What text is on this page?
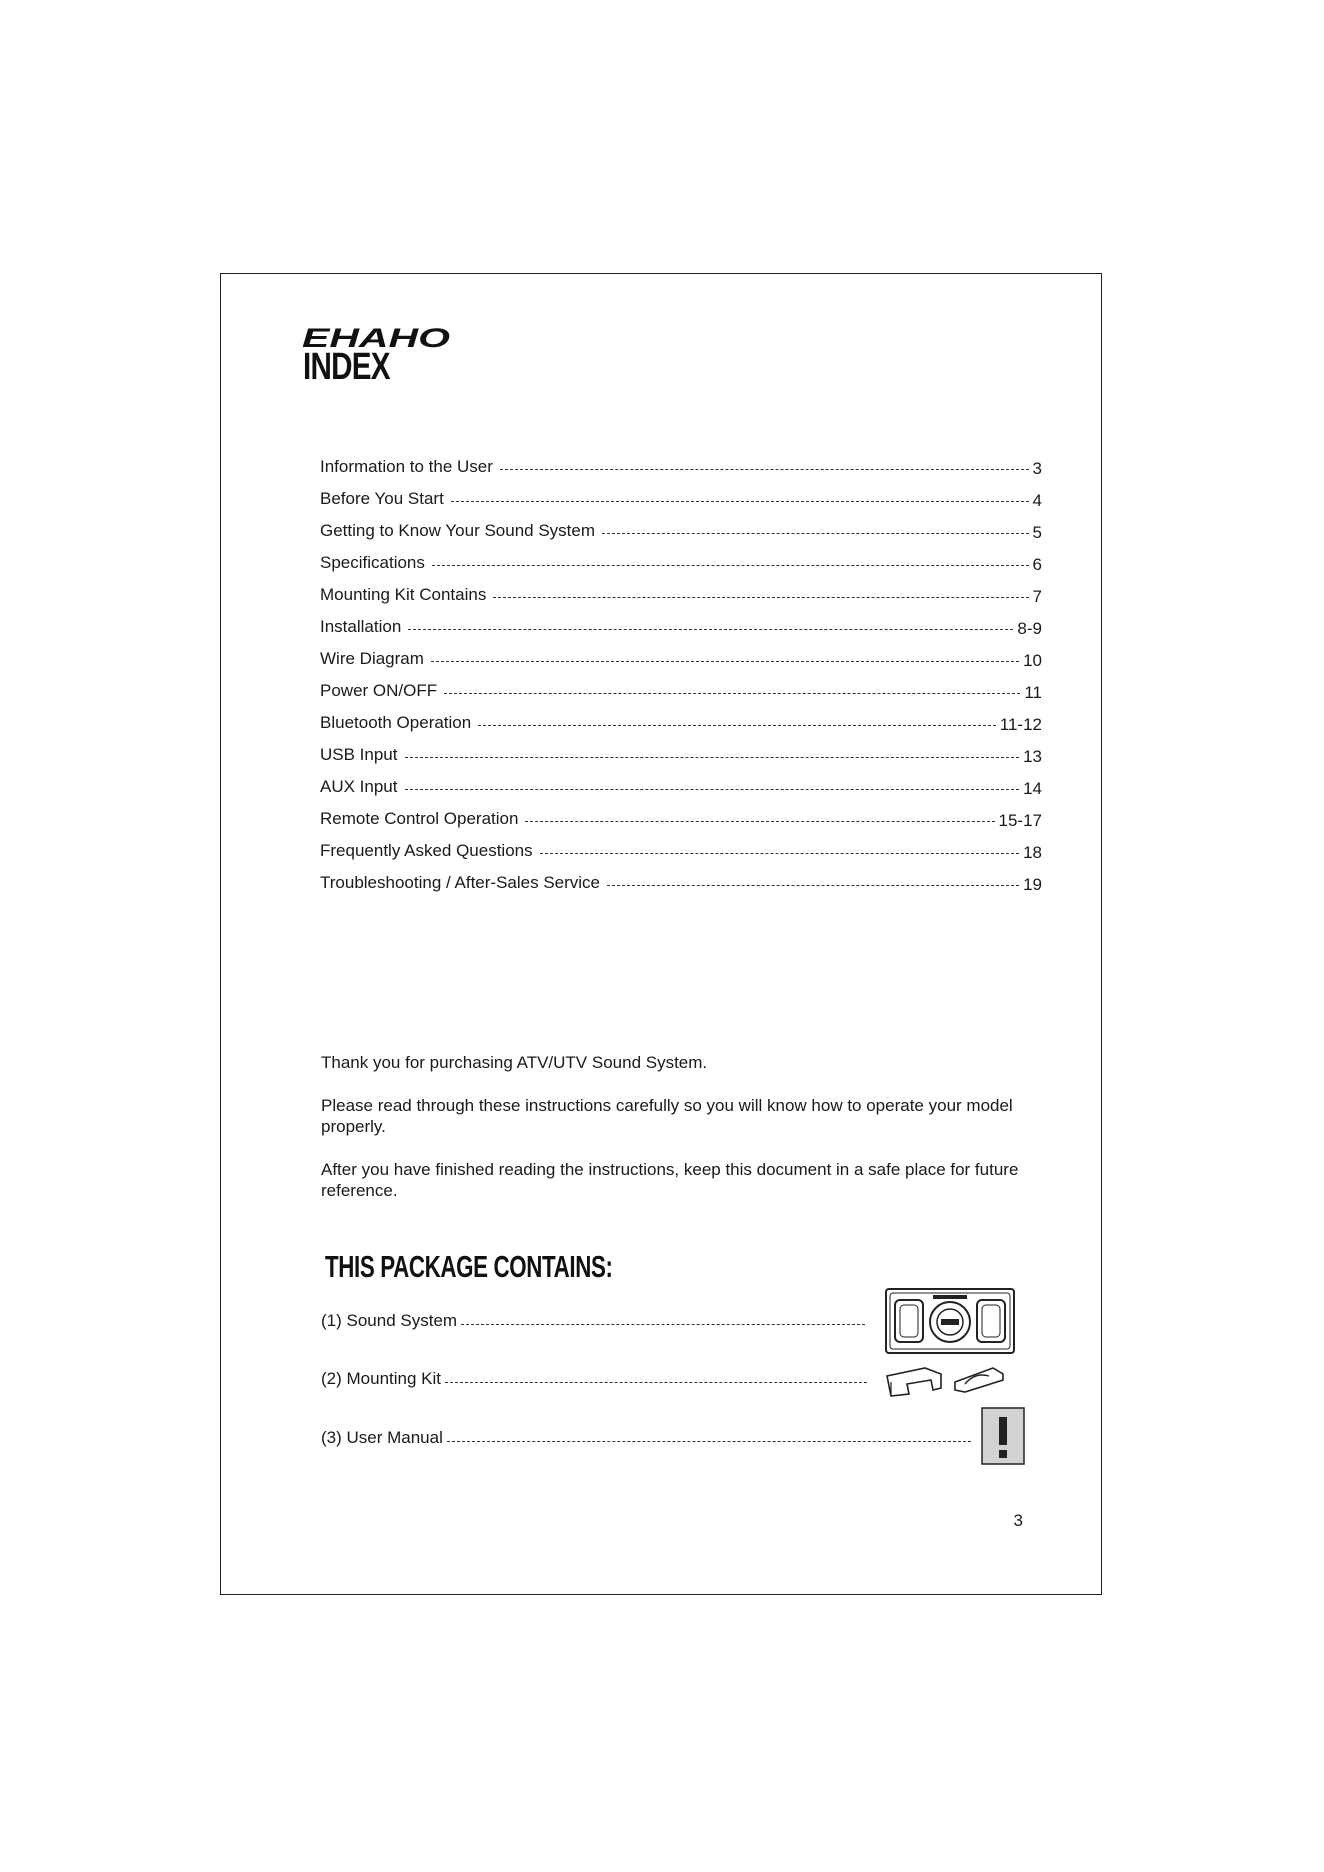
EHAHO
INDEX
Information to the User	3
Before You Start	4
Getting to Know Your Sound System	5
Specifications	6
Mounting Kit Contains	7
Installation	8-9
Wire Diagram	10
Power ON/OFF	11
Bluetooth Operation	11-12
USB Input	13
AUX Input	14
Remote Control Operation	15-17
Frequently Asked Questions	18
Troubleshooting / After-Sales Service	19

Thank you for purchasing ATV/UTV Sound System.

Please read through these instructions carefully so you will know how to operate your model properly.

After you have finished reading the instructions, keep this document in a safe place for future reference.

THIS PACKAGE CONTAINS:
(1) Sound System
(2) Mounting Kit
(3) User Manual
3
